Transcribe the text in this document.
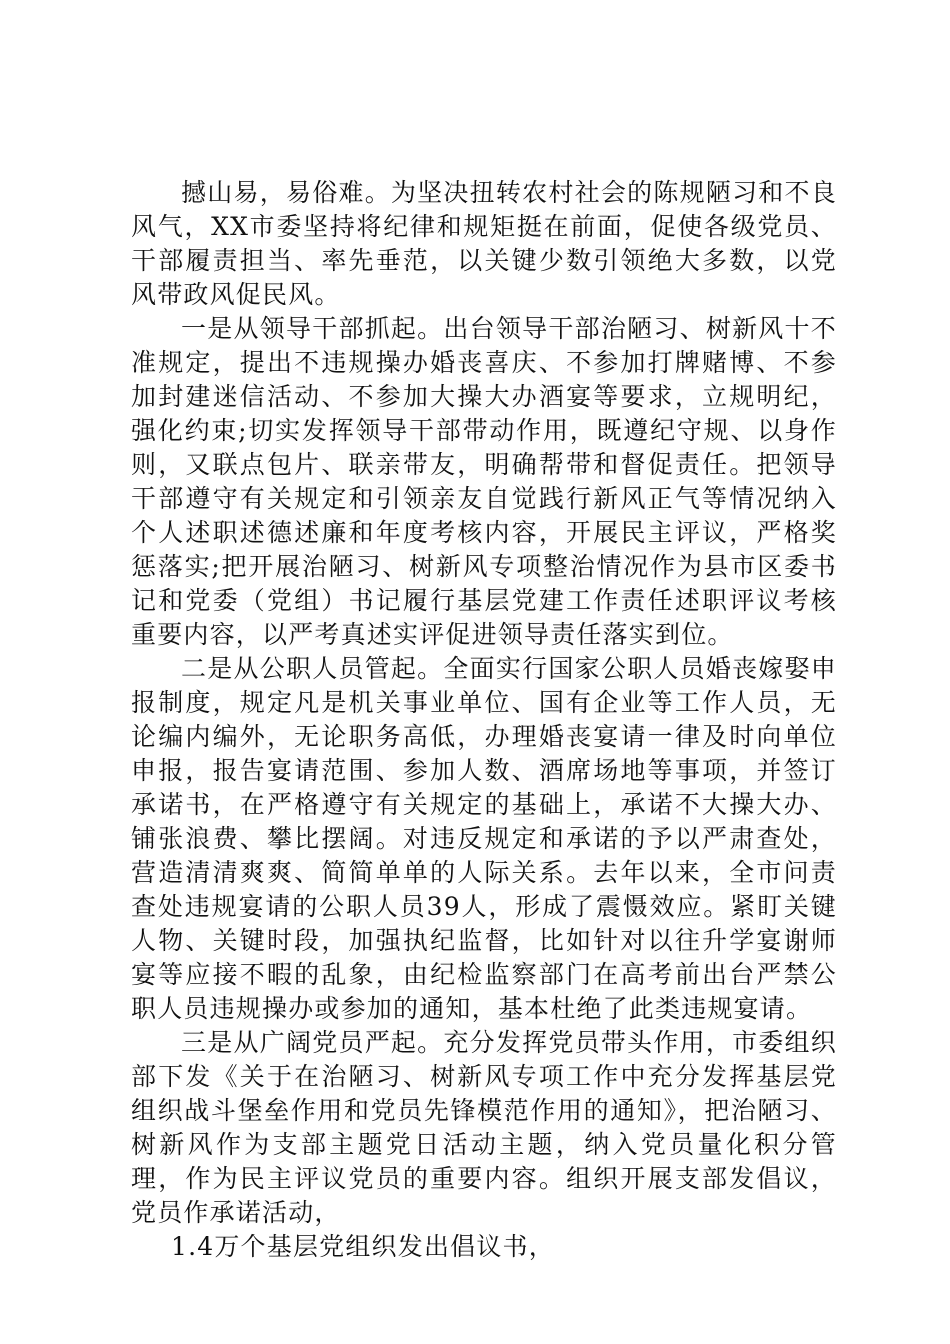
撼山易，易俗难。为坚决扭转农村社会的陈规陋习和不良风气，XX市委坚持将纪律和规矩挺在前面，促使各级党员、干部履责担当、率先垂范，以关键少数引领绝大多数，以党风带政风促民风。

一是从领导干部抓起。出台领导干部治陋习、树新风十不准规定，提出不违规操办婚丧喜庆、不参加打牌赌博、不参加封建迷信活动、不参加大操大办酒宴等要求，立规明纪，强化约束;切实发挥领导干部带动作用，既遵纪守规、以身作则，又联点包片、联亲带友，明确帮带和督促责任。把领导干部遵守有关规定和引领亲友自觉践行新风正气等情况纳入个人述职述德述廉和年度考核内容，开展民主评议，严格奖惩落实;把开展治陋习、树新风专项整治情况作为县市区委书记和党委（党组）书记履行基层党建工作责任述职评议考核重要内容，以严考真述实评促进领导责任落实到位。

二是从公职人员管起。全面实行国家公职人员婚丧嫁娶申报制度，规定凡是机关事业单位、国有企业等工作人员，无论编内编外，无论职务高低，办理婚丧宴请一律及时向单位申报，报告宴请范围、参加人数、酒席场地等事项，并签订承诺书，在严格遵守有关规定的基础上，承诺不大操大办、铺张浪费、攀比摆阔。对违反规定和承诺的予以严肃查处，营造清清爽爽、简简单单的人际关系。去年以来，全市问责查处违规宴请的公职人员39人，形成了震慑效应。紧盯关键人物、关键时段，加强执纪监督，比如针对以往升学宴谢师宴等应接不暇的乱象，由纪检监察部门在高考前出台严禁公职人员违规操办或参加的通知，基本杜绝了此类违规宴请。

三是从广阔党员严起。充分发挥党员带头作用，市委组织部下发《关于在治陋习、树新风专项工作中充分发挥基层党组织战斗堡垒作用和党员先锋模范作用的通知》，把治陋习、树新风作为支部主题党日活动主题，纳入党员量化积分管理，作为民主评议党员的重要内容。组织开展支部发倡议，党员作承诺活动，

1.4万个基层党组织发出倡议书，
